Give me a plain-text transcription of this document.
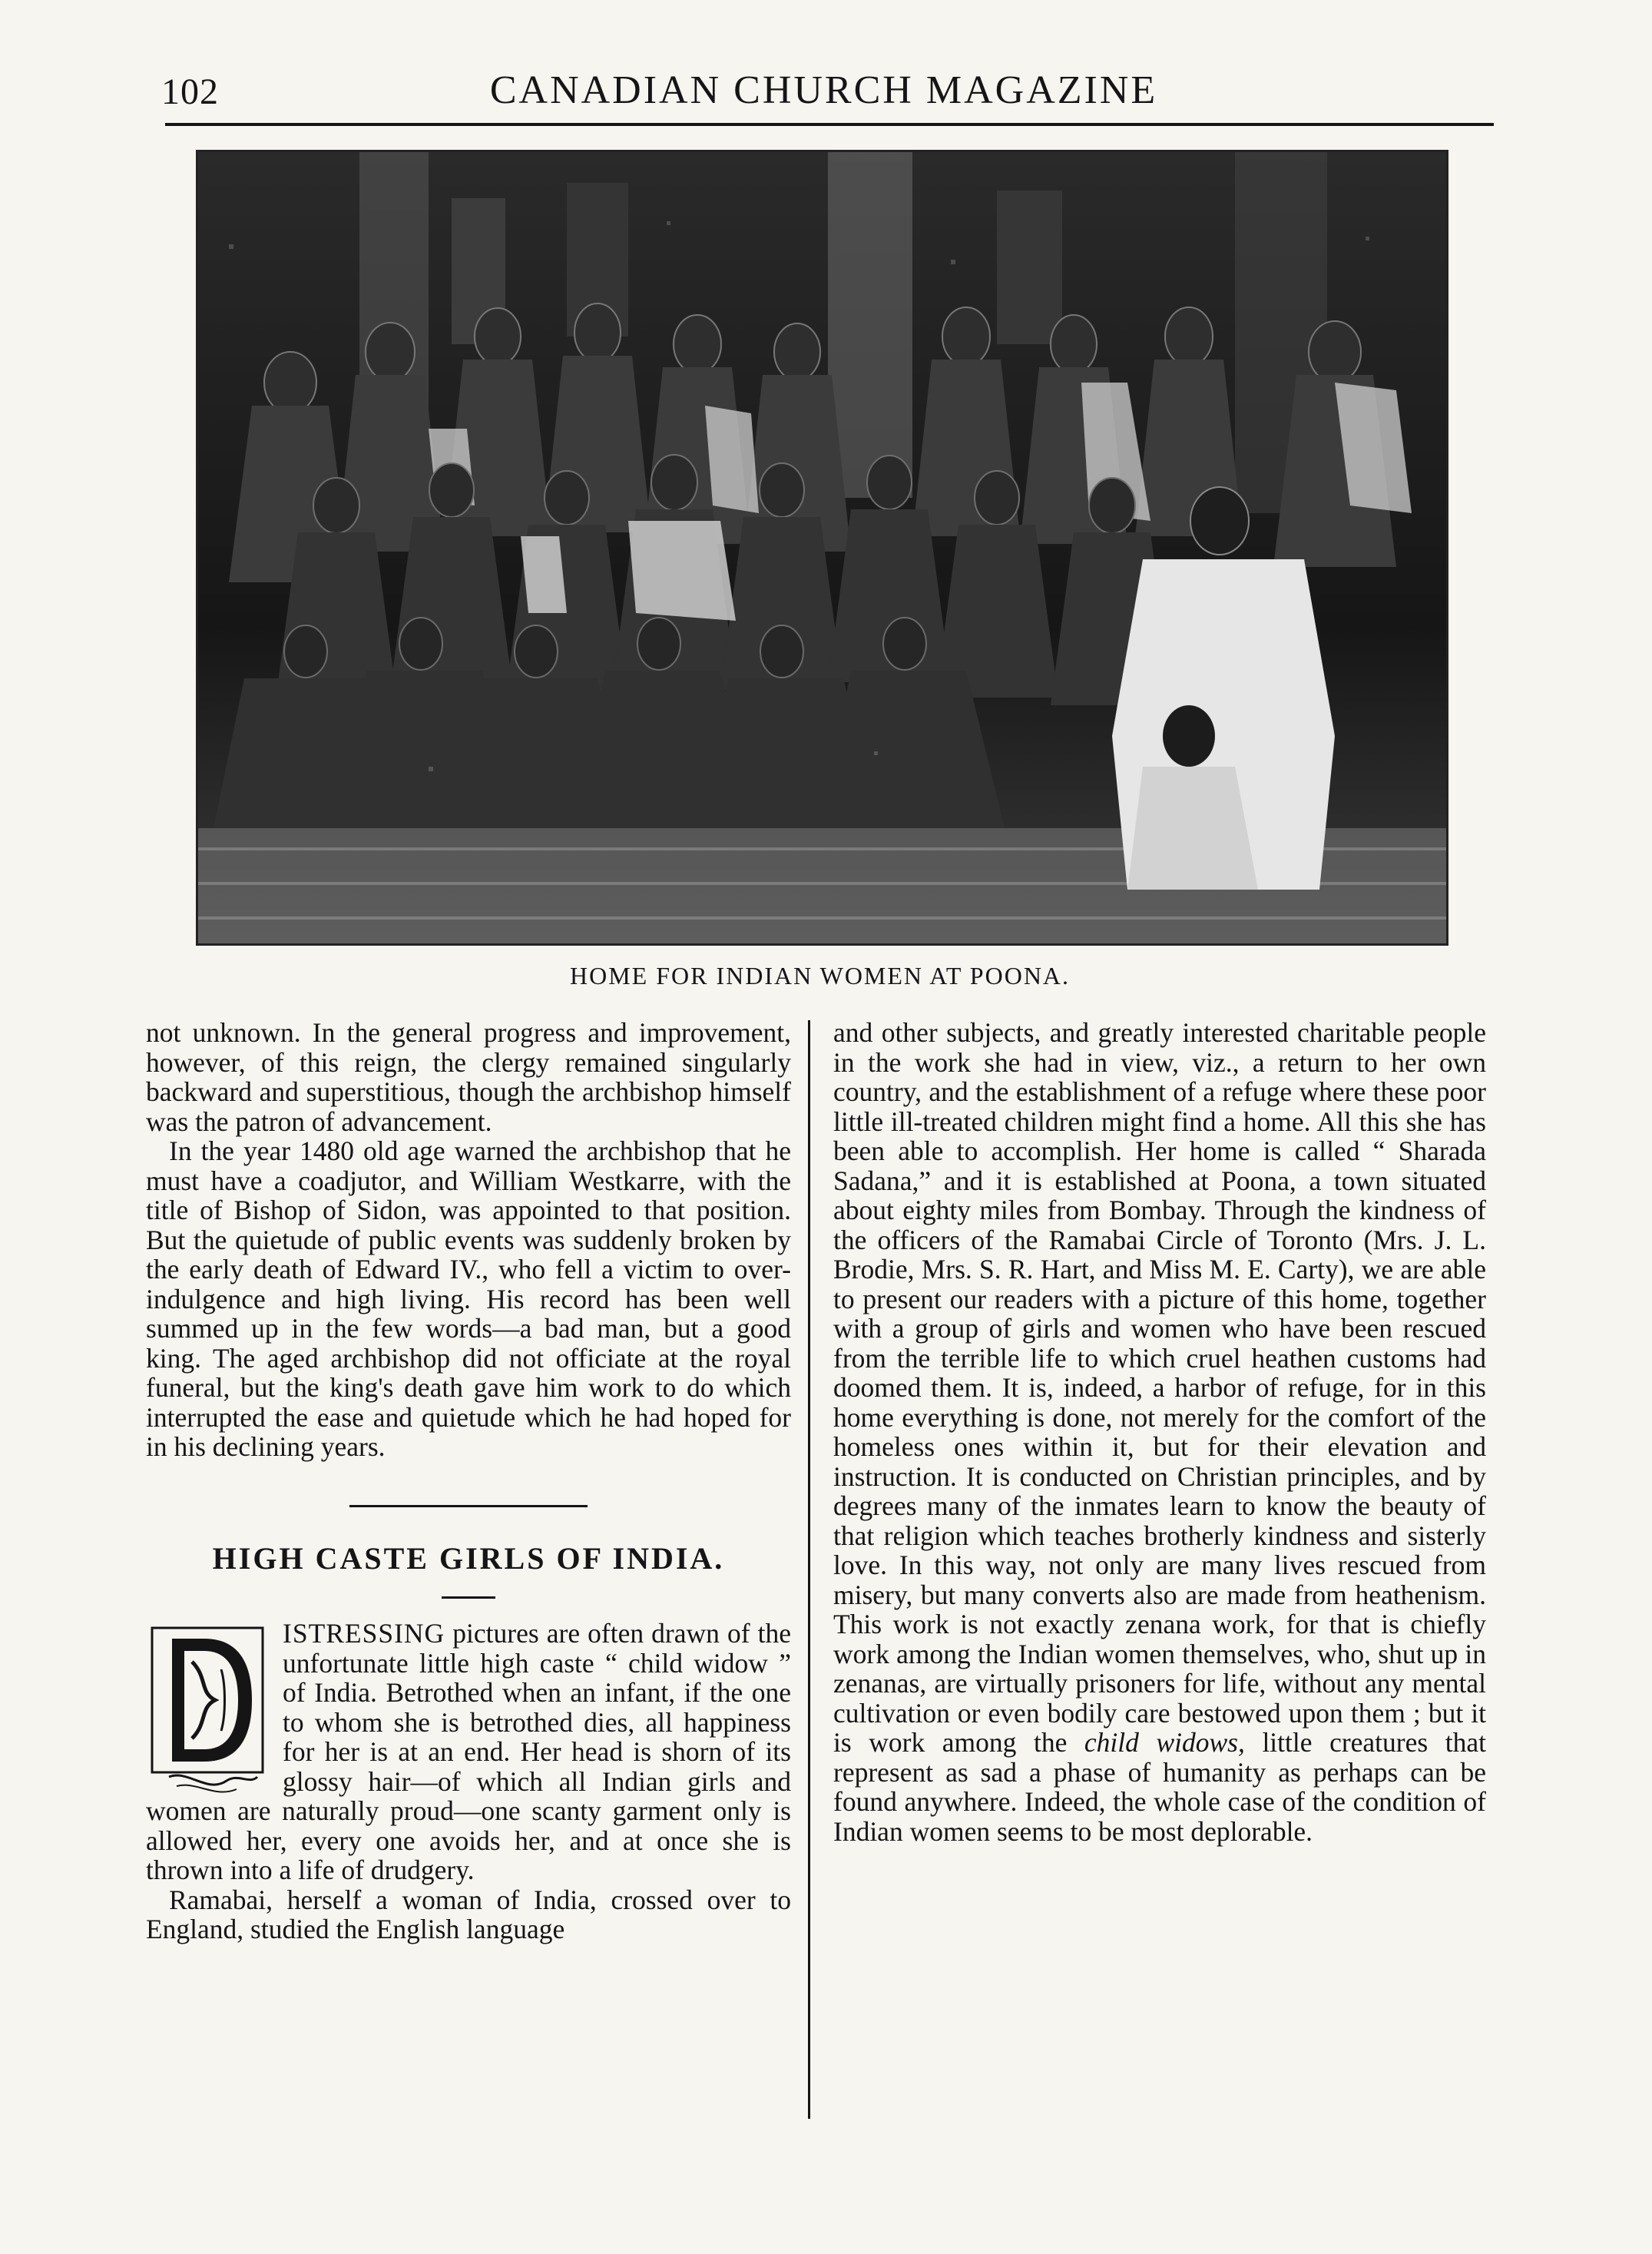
102	CANADIAN CHURCH MAGAZINE
HOME FOR INDIAN WOMEN AT POONA.

not unknown. In the general progress and improvement, however, of this reign, the clergy remained singularly backward and superstitious, though the archbishop himself was the patron of advancement.

In the year 1480 old age warned the archbishop that he must have a coadjutor, and William Westkarre, with the title of Bishop of Sidon, was appointed to that position. But the quietude of public events was suddenly broken by the early death of Edward IV., who fell a victim to over-indulgence and high living. His record has been well summed up in the few words—a bad man, but a good king. The aged archbishop did not officiate at the royal funeral, but the king's death gave him work to do which interrupted the ease and quietude which he had hoped for in his declining years.

HIGH CASTE GIRLS OF INDIA.

ISTRESSING pictures are often drawn of the unfortunate little high caste “ child widow ” of India. Betrothed when an infant, if the one to whom she is betrothed dies, all happiness for her is at an end. Her head is shorn of its glossy hair—of which all Indian girls and women are naturally proud—one scanty garment only is allowed her, every one avoids her, and at once she is thrown into a life of drudgery.

Ramabai, herself a woman of India, crossed over to England, studied the English language

and other subjects, and greatly interested charitable people in the work she had in view, viz., a return to her own country, and the establishment of a refuge where these poor little ill-treated children might find a home. All this she has been able to accomplish. Her home is called “ Sharada Sadana,” and it is established at Poona, a town situated about eighty miles from Bombay. Through the kindness of the officers of the Ramabai Circle of Toronto (Mrs. J. L. Brodie, Mrs. S. R. Hart, and Miss M. E. Carty), we are able to present our readers with a picture of this home, together with a group of girls and women who have been rescued from the terrible life to which cruel heathen customs had doomed them. It is, indeed, a harbor of refuge, for in this home everything is done, not merely for the comfort of the homeless ones within it, but for their elevation and instruction. It is conducted on Christian principles, and by degrees many of the inmates learn to know the beauty of that religion which teaches brotherly kindness and sisterly love. In this way, not only are many lives rescued from misery, but many converts also are made from heathenism. This work is not exactly zenana work, for that is chiefly work among the Indian women themselves, who, shut up in zenanas, are virtually prisoners for life, without any mental cultivation or even bodily care bestowed upon them ; but it is work among the child widows, little creatures that represent as sad a phase of humanity as perhaps can be found anywhere. Indeed, the whole case of the condition of Indian women seems to be most deplorable.
